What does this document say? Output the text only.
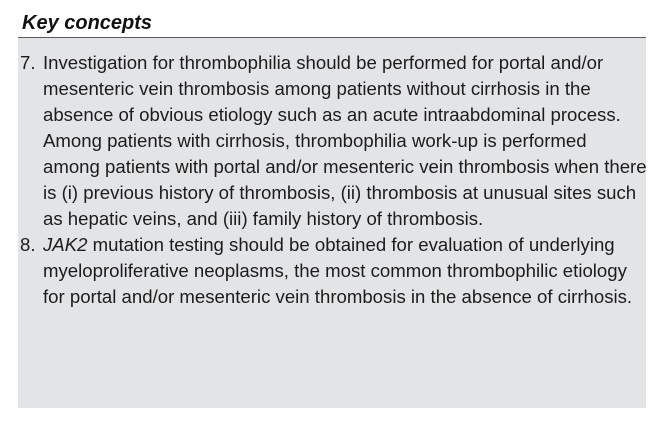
Key concepts
7. Investigation for thrombophilia should be performed for portal and/or mesenteric vein thrombosis among patients without cirrhosis in the absence of obvious etiology such as an acute intraabdominal process. Among patients with cirrhosis, thrombophilia work-up is performed among patients with portal and/or mesenteric vein thrombosis when there is (i) previous history of thrombosis, (ii) thrombosis at unusual sites such as hepatic veins, and (iii) family history of thrombosis.
8. JAK2 mutation testing should be obtained for evaluation of underlying myeloproliferative neoplasms, the most common thrombophilic etiology for portal and/or mesenteric vein thrombosis in the absence of cirrhosis.
